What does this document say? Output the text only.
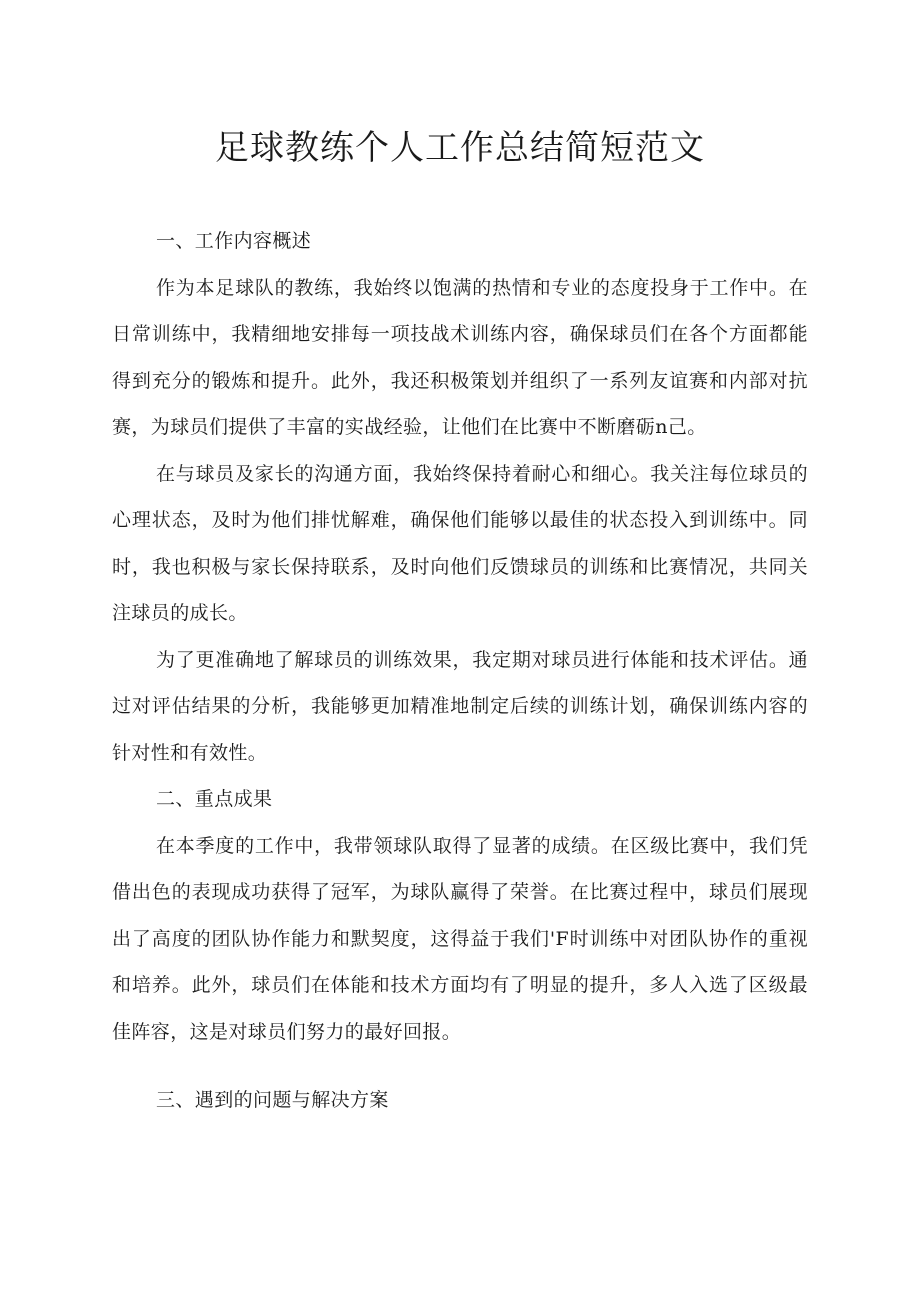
足球教练个人工作总结简短范文
一、工作内容概述

作为本足球队的教练，我始终以饱满的热情和专业的态度投身于工作中。在日常训练中，我精细地安排每一项技战术训练内容，确保球员们在各个方面都能得到充分的锻炼和提升。此外，我还积极策划并组织了一系列友谊赛和内部对抗赛，为球员们提供了丰富的实战经验，让他们在比赛中不断磨砺n己。

在与球员及家长的沟通方面，我始终保持着耐心和细心。我关注每位球员的心理状态，及时为他们排忧解难，确保他们能够以最佳的状态投入到训练中。同时，我也积极与家长保持联系，及时向他们反馈球员的训练和比赛情况，共同关注球员的成长。

为了更准确地了解球员的训练效果，我定期对球员进行体能和技术评估。通过对评估结果的分析，我能够更加精准地制定后续的训练计划，确保训练内容的针对性和有效性。

二、重点成果

在本季度的工作中，我带领球队取得了显著的成绩。在区级比赛中，我们凭借出色的表现成功获得了冠军，为球队赢得了荣誉。在比赛过程中，球员们展现出了高度的团队协作能力和默契度，这得益于我们'F时训练中对团队协作的重视和培养。此外，球员们在体能和技术方面均有了明显的提升，多人入选了区级最佳阵容，这是对球员们努力的最好回报。

三、遇到的问题与解决方案
